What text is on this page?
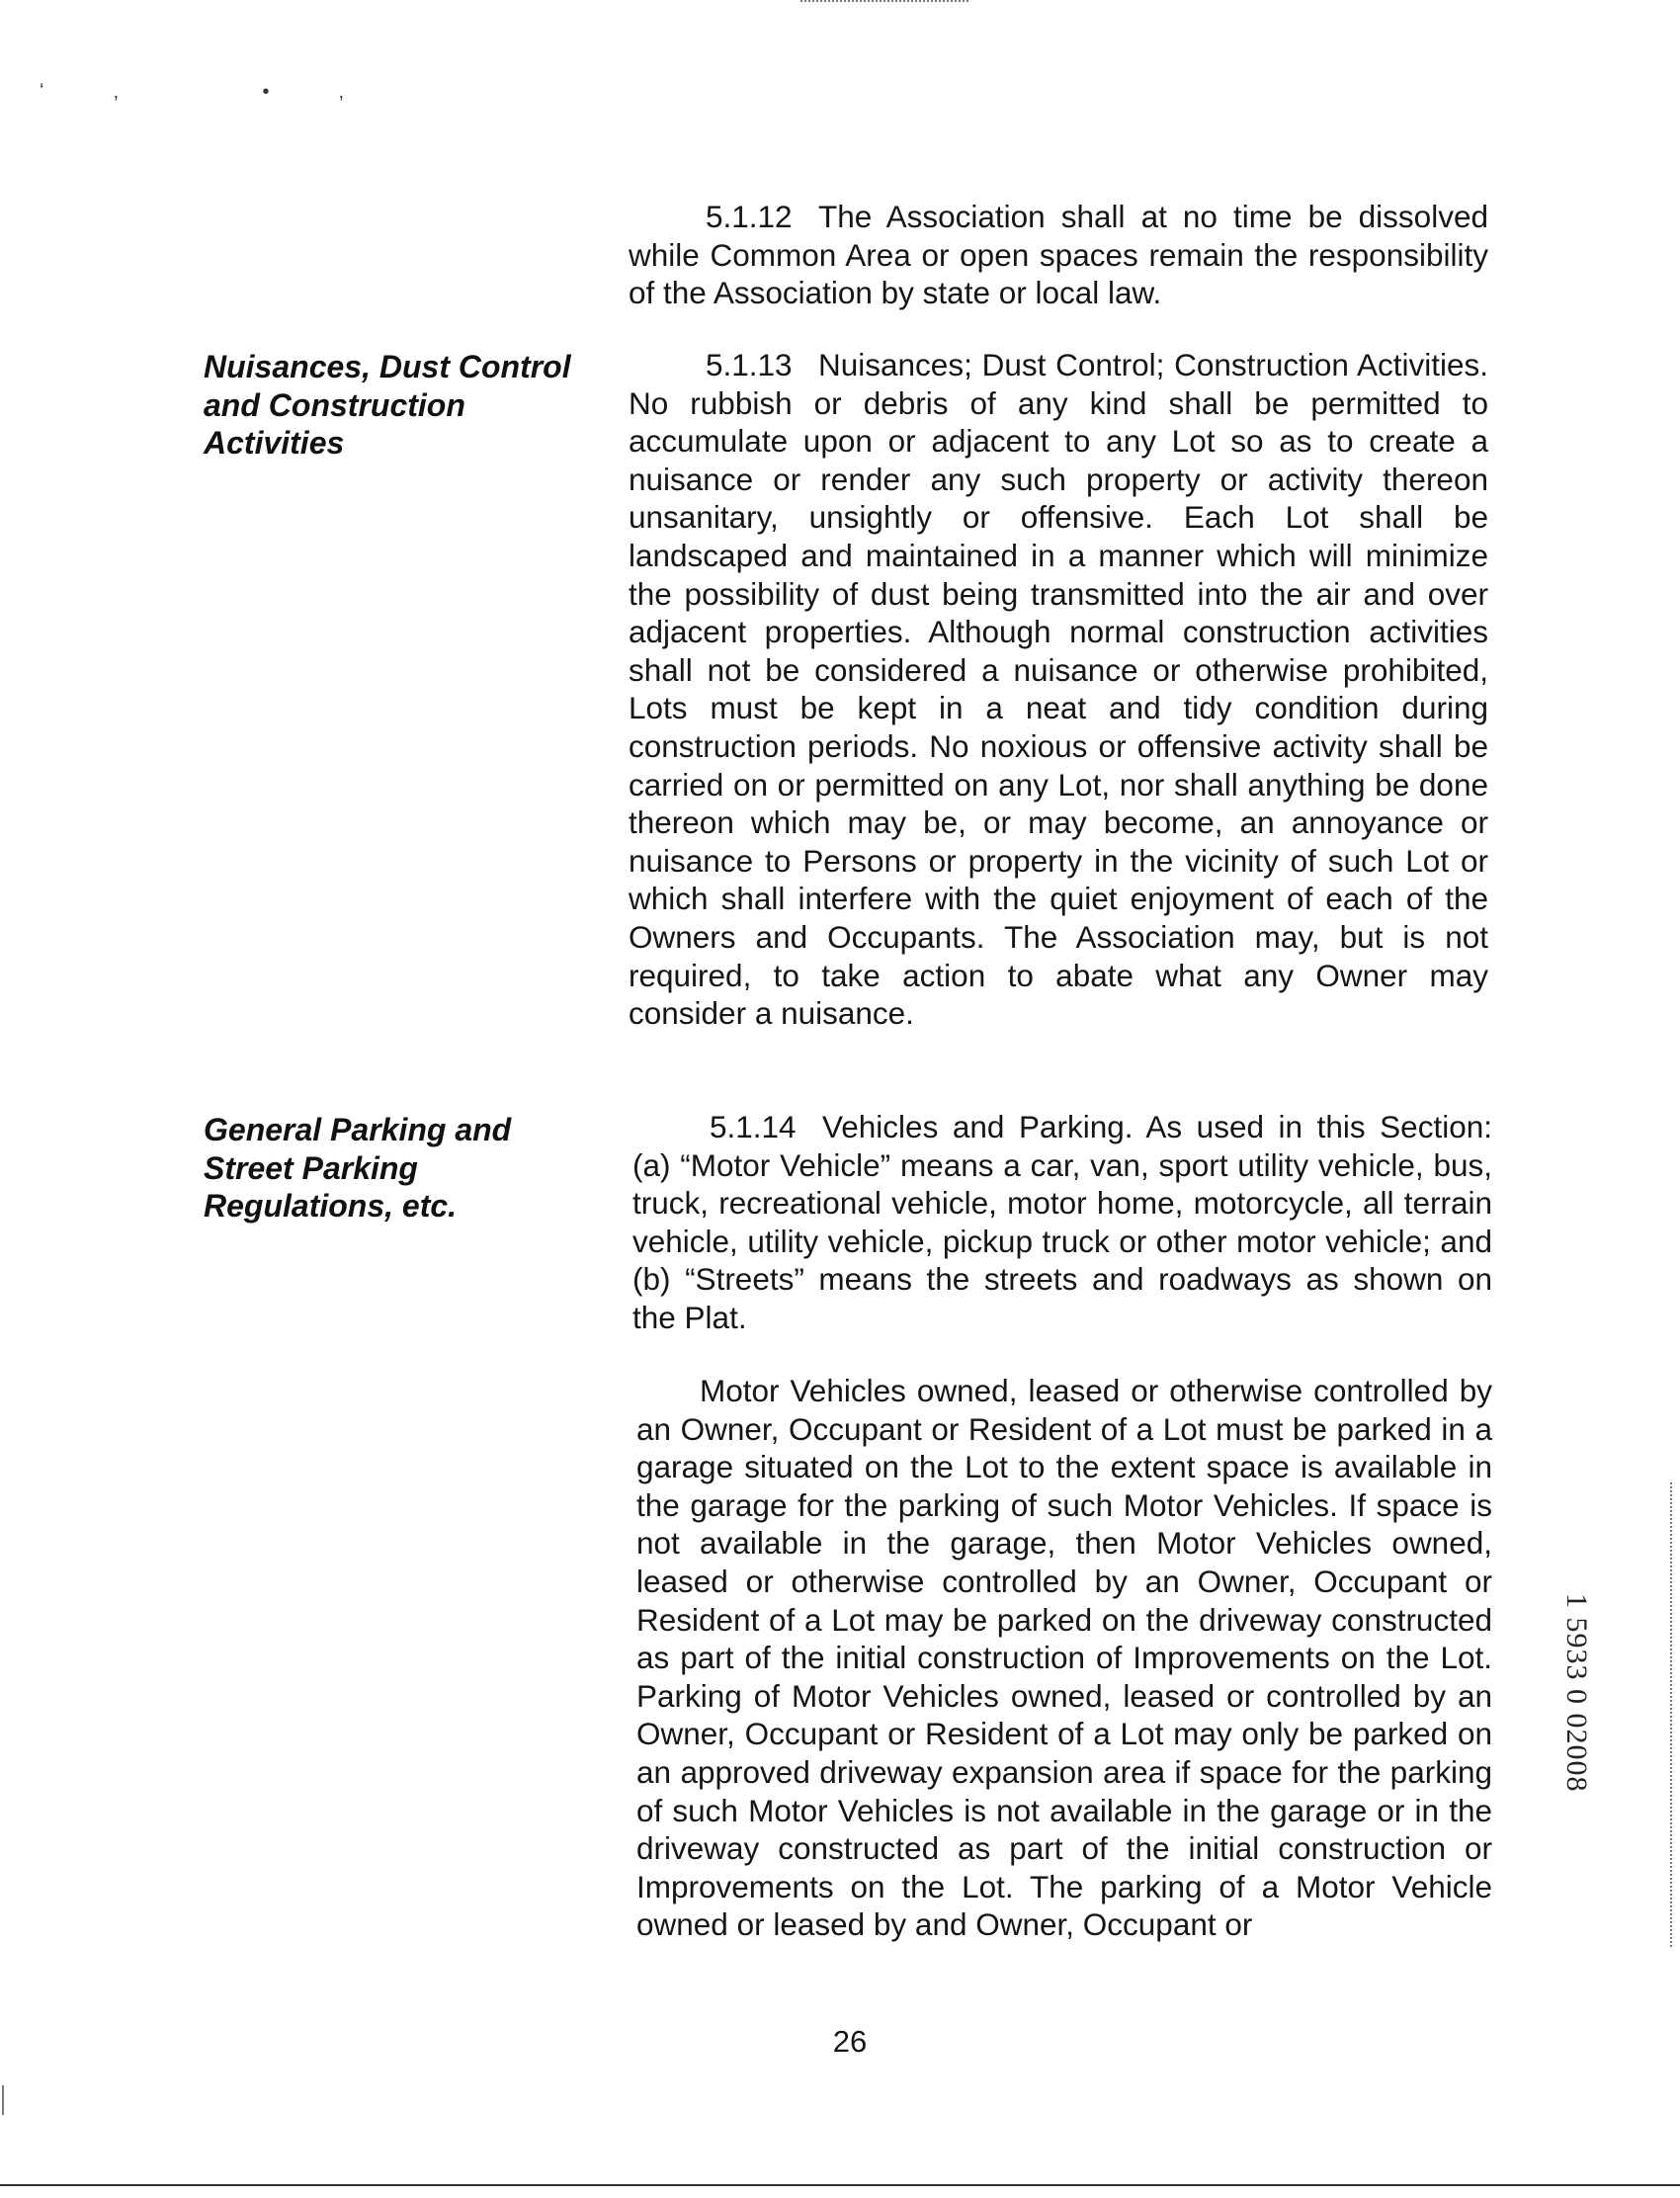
ʻ, •,
5.1.12 The Association shall at no time be dissolved while Common Area or open spaces remain the responsibility of the Association by state or local law.
Nuisances, Dust Control and Construction Activities
5.1.13 Nuisances; Dust Control; Construction Activities. No rubbish or debris of any kind shall be permitted to accumulate upon or adjacent to any Lot so as to create a nuisance or render any such property or activity thereon unsanitary, unsightly or offensive. Each Lot shall be landscaped and maintained in a manner which will minimize the possibility of dust being transmitted into the air and over adjacent properties. Although normal construction activities shall not be considered a nuisance or otherwise prohibited, Lots must be kept in a neat and tidy condition during construction periods. No noxious or offensive activity shall be carried on or permitted on any Lot, nor shall anything be done thereon which may be, or may become, an annoyance or nuisance to Persons or property in the vicinity of such Lot or which shall interfere with the quiet enjoyment of each of the Owners and Occupants. The Association may, but is not required, to take action to abate what any Owner may consider a nuisance.
General Parking and Street Parking Regulations, etc.
5.1.14 Vehicles and Parking. As used in this Section: (a) “Motor Vehicle” means a car, van, sport utility vehicle, bus, truck, recreational vehicle, motor home, motorcycle, all terrain vehicle, utility vehicle, pickup truck or other motor vehicle; and (b) “Streets” means the streets and roadways as shown on the Plat.
Motor Vehicles owned, leased or otherwise controlled by an Owner, Occupant or Resident of a Lot must be parked in a garage situated on the Lot to the extent space is available in the garage for the parking of such Motor Vehicles. If space is not available in the garage, then Motor Vehicles owned, leased or otherwise controlled by an Owner, Occupant or Resident of a Lot may be parked on the driveway constructed as part of the initial construction of Improvements on the Lot. Parking of Motor Vehicles owned, leased or controlled by an Owner, Occupant or Resident of a Lot may only be parked on an approved driveway expansion area if space for the parking of such Motor Vehicles is not available in the garage or in the driveway constructed as part of the initial construction or Improvements on the Lot. The parking of a Motor Vehicle owned or leased by and Owner, Occupant or
26
1 5933 0 02008
